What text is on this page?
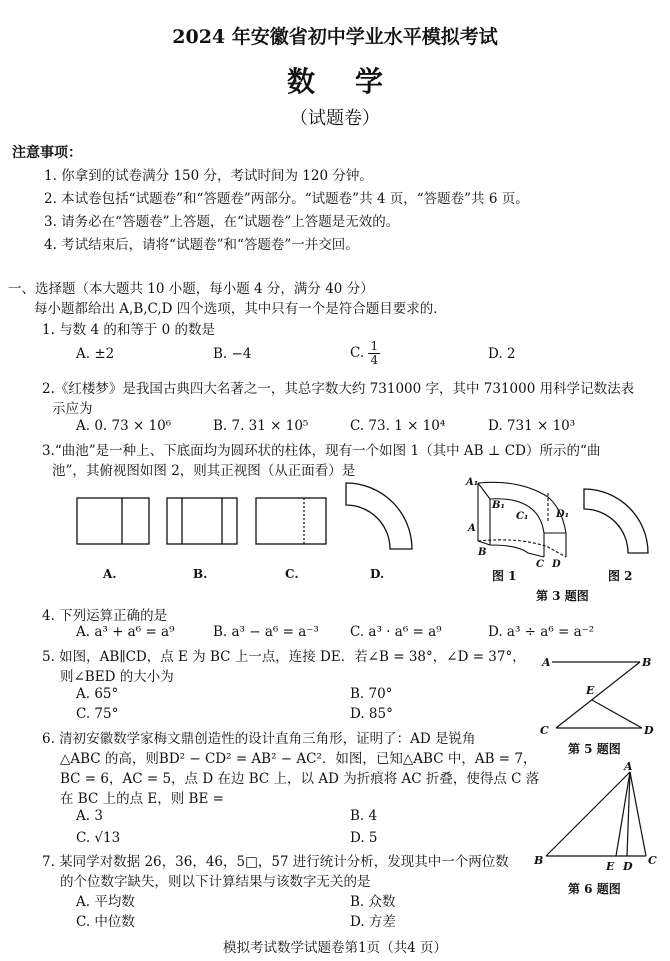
2024 年安徽省初中学业水平模拟考试
数学
（试题卷）
注意事项：
1. 你拿到的试卷满分 150 分，考试时间为 120 分钟。
2. 本试卷包括“试题卷”和“答题卷”两部分。“试题卷”共 4 页，“答题卷”共 6 页。
3. 请务必在“答题卷”上答题，在“试题卷”上答题是无效的。
4. 考试结束后，请将“试题卷”和“答题卷”一并交回。
一、选择题（本大题共 10 小题，每小题 4 分，满分 40 分）
每小题都给出 A,B,C,D 四个选项，其中只有一个是符合题目要求的．
1. 与数 4 的和等于 0 的数是
A. ±2	B. −4	C. $\frac{1}{4}$	D. 2
2.《红楼梦》是我国古典四大名著之一，其总字数大约 731000 字，其中 731000 用科学记数法表
示应为
A. 0. 73 × 10⁶	B. 7. 31 × 10⁵	C. 73. 1 × 10⁴	D. 731 × 10³
3.“曲池”是一种上、下底面均为圆环状的柱体，现有一个如图 1（其中 AB ⊥ CD）所示的“曲
池”，其俯视图如图 2，则其正视图（从正面看）是
A₁
B₁
C₁	D₁
A
B
C D
A.	B.	C.	D.	图 1	图 2
第 3 题图
4. 下列运算正确的是
A. a³ + a⁶ = a⁹	B. a³ − a⁶ = a⁻³ C. a³ · a⁶ = a⁹	D. a³ ÷ a⁶ = a⁻²
5. 如图，AB∥CD，点 E 为 BC 上一点，连接 DE．若∠B = 38°，∠D = 37°，
则∠BED 的大小为
A. 65°	B. 70°
C. 75°	D. 85°
A	B
E
C	D
第 5 题图
6. 清初安徽数学家梅文鼎创造性的设计直角三角形，证明了：AD 是锐角
△ABC 的高，则BD² − CD² = AB² − AC²．如图，已知△ABC 中，AB = 7，
BC = 6，AC = 5，点 D 在边 BC 上，以 AD 为折痕将 AC 折叠，使得点 C 落
在 BC 上的点 E，则 BE =
A. 3	B. 4
C. √13	D. 5
A
B	E D C
第 6 题图
7. 某同学对数据 26，36，46，5□，57 进行统计分析，发现其中一个两位数
的个位数字缺失，则以下计算结果与该数字无关的是
A. 平均数	B. 众数
C. 中位数	D. 方差
模拟考试数学试题卷第1页（共4 页）
